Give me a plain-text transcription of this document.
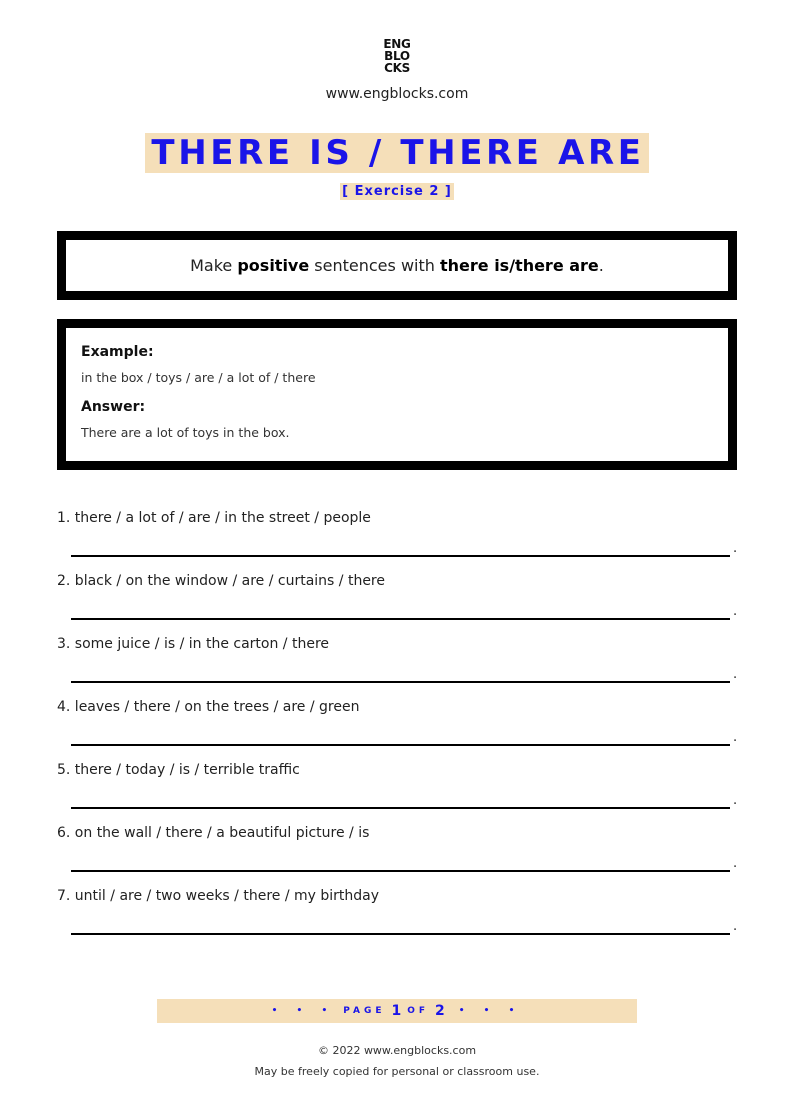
ENG
BLO
CKS
www.engblocks.com
THERE IS / THERE ARE
[ Exercise 2 ]
Make positive sentences with there is/there are.
Example:
in the box / toys / are / a lot of / there
Answer:
There are a lot of toys in the box.
1. there / a lot of / are / in the street / people
.
2. black / on the window / are / curtains / there
.
3. some juice / is / in the carton / there
.
4. leaves / there / on the trees / are / green
.
5. there / today / is / terrible traffic
.
6. on the wall / there / a beautiful picture / is
.
7. until / are / two weeks / there / my birthday
.
• • • PAGE 1 OF 2 • • •
© 2022 www.engblocks.com
May be freely copied for personal or classroom use.
